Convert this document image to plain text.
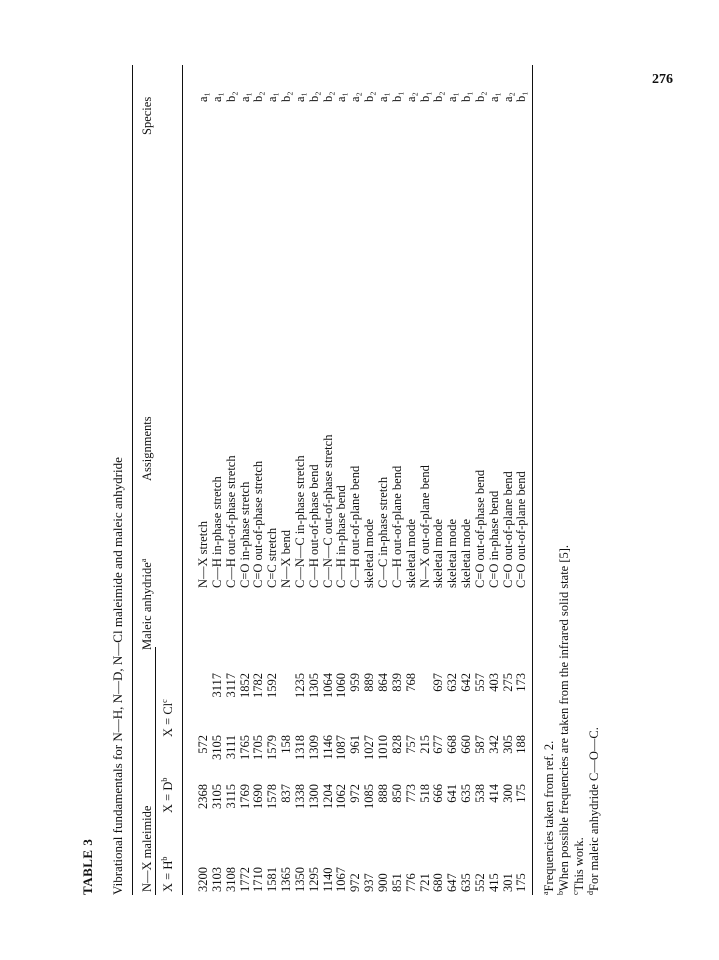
276
TABLE 3 Vibrational fundamentals for N—H, N—D, N—Cl maleimide and maleic anhydride N—X maleimide
Maleic anhydride$^a$
Assignments
Species
$X = H^b$
$X = D^b$
$X = Cl^c$
3200
2368
572
N—X stretch
a₁
3103
3105
3105
3117
C—H in-phase stretch
a₁
3108
3115
3111
3117
C—H out-of-phase stretch
b₂
1772
1769
1765
1852
C=O in-phase stretch
a₁
1710
1690
1705
1782
C=O out-of-phase stretch
b₂
1581
1578
1579
1592
C=C stretch
a₁
1365
837
158
N—X bend
b₂
1350
1338
1318
1235
C—N—C in-phase stretch
a₁
1295
1300
1309
1305
C—H out-of-phase bend
b₂
1140
1204
1146
1064
C—N—C out-of-phase stretch
b₂
1067
1062
1087
1060
C—H in-phase bend
a₁
972
972
961
959
C—H out-of-plane bend
a₂
937
1085
1027
889
skeletal mode
b₂
900
888
1010
864
C—C in-phase stretch
a₁
851
850
828
839
C—H out-of-plane bend
b₁
776
773
757
768
skeletal mode
a₂
721
518
215
N—X out-of-plane bend
b₁
680
666
677
697
skeletal mode
b₂
647
641
668
632
skeletal mode
a₁
635
635
660
642
skeletal mode
b₁
552
538
587
557
C=O out-of-phase bend
b₂
415
414
342
403
C=O in-phase bend
a₁
301
300
305
275
C=O out-of-plane bend
a₂
175
175
188
173
C=O out-of-plane bend
b₁
$^a$Frequencies taken from ref. 2.
$^b$When possible frequencies are taken from the infrared solid state [5].
$^c$This work.
$^d$For maleic anhydride C—O—C.
